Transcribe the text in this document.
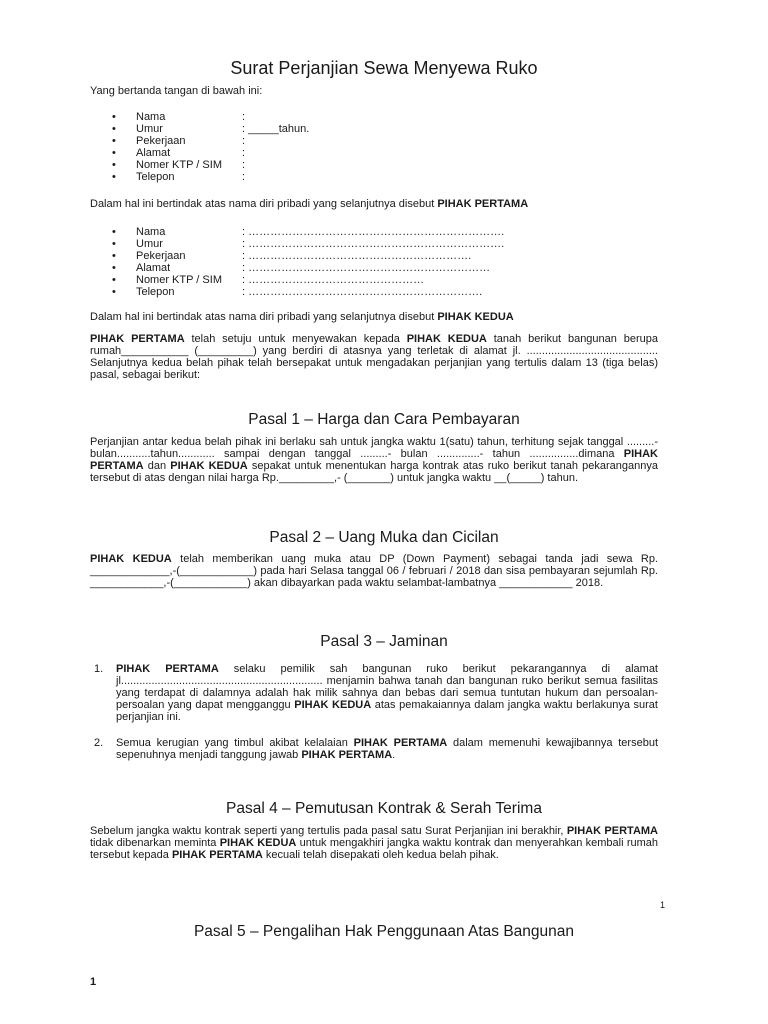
Surat Perjanjian Sewa Menyewa Ruko
Yang bertanda tangan di bawah ini:
• Nama	:
• Umur	: _____tahun.
• Pekerjaan	:
• Alamat	:
• Nomer KTP / SIM :
• Telepon	:
Dalam hal ini bertindak atas nama diri pribadi yang selanjutnya disebut PIHAK PERTAMA
• Nama	: …………………………………………………………….
• Umur	: …………………………………………………………….
• Pekerjaan	: …………………………………………………….
• Alamat	: …………………………………………………………
• Nomer KTP / SIM : …………………………………………
• Telepon	: ……………………………………………………….
Dalam hal ini bertindak atas nama diri pribadi yang selanjutnya disebut PIHAK KEDUA

PIHAK PERTAMA telah setuju untuk menyewakan kepada PIHAK KEDUA tanah berikut bangunan berupa rumah___________ (_________) yang berdiri di atasnya yang terletak di alamat jl. ........................................... Selanjutnya kedua belah pihak telah bersepakat untuk mengadakan perjanjian yang tertulis dalam 13 (tiga belas) pasal, sebagai berikut:

Pasal 1 – Harga dan Cara Pembayaran

Perjanjian antar kedua belah pihak ini berlaku sah untuk jangka waktu 1(satu) tahun, terhitung sejak tanggal .........- bulan...........tahun............ sampai dengan tanggal .........- bulan ..............- tahun ................dimana PIHAK PERTAMA dan PIHAK KEDUA sepakat untuk menentukan harga kontrak atas ruko berikut tanah pekarangannya tersebut di atas dengan nilai harga Rp._________,- (_______) untuk jangka waktu __(_____) tahun.

Pasal 2 – Uang Muka dan Cicilan

PIHAK KEDUA telah memberikan uang muka atau DP (Down Payment) sebagai tanda jadi sewa Rp. _____________,-(____________) pada hari Selasa tanggal 06 / februari / 2018 dan sisa pembayaran sejumlah Rp. ____________,-(____________) akan dibayarkan pada waktu selambat-lambatnya ____________ 2018.

Pasal 3 – Jaminan
1. PIHAK PERTAMA selaku pemilik sah bangunan ruko berikut pekarangannya di alamat jl.................................................................. menjamin bahwa tanah dan bangunan ruko berikut semua fasilitas yang terdapat di dalamnya adalah hak milik sahnya dan bebas dari semua tuntutan hukum dan persoalan-persoalan yang dapat mengganggu PIHAK KEDUA atas pemakaiannya dalam jangka waktu berlakunya surat perjanjian ini.
2. Semua kerugian yang timbul akibat kelalaian PIHAK PERTAMA dalam memenuhi kewajibannya tersebut sepenuhnya menjadi tanggung jawab PIHAK PERTAMA.
Pasal 4 – Pemutusan Kontrak & Serah Terima

Sebelum jangka waktu kontrak seperti yang tertulis pada pasal satu Surat Perjanjian ini berakhir, PIHAK PERTAMA tidak dibenarkan meminta PIHAK KEDUA untuk mengakhiri jangka waktu kontrak dan menyerahkan kembali rumah tersebut kepada PIHAK PERTAMA kecuali telah disepakati oleh kedua belah pihak.

1
Pasal 5 – Pengalihan Hak Penggunaan Atas Bangunan
1
